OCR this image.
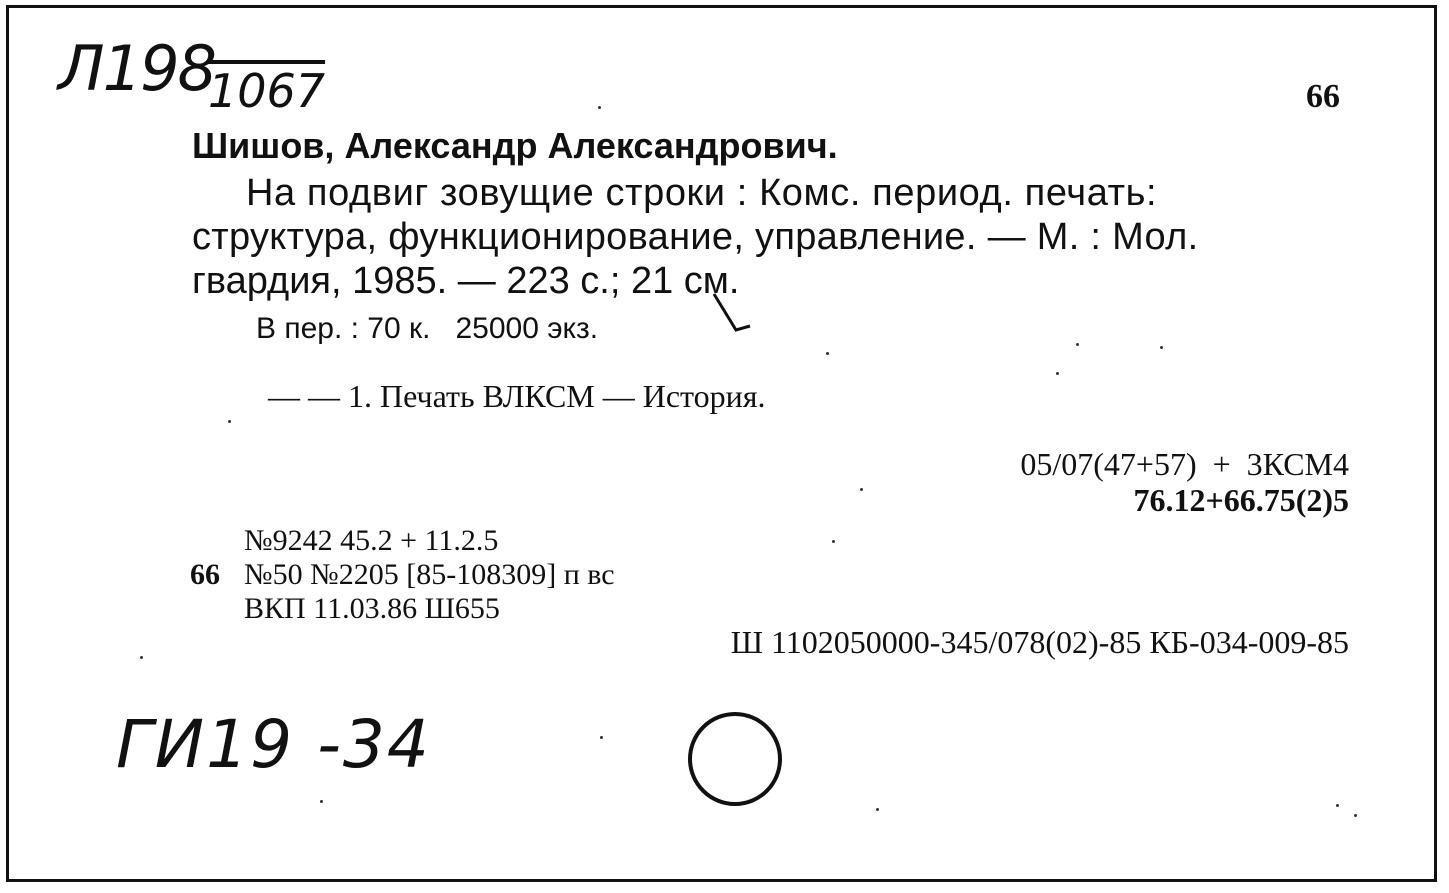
Л198
1067	66
Шишов, Александр Александрович.
На подвиг зовущие строки : Комс. период. печать:
структура, функционирование, управление. — М. : Мол.
гвардия, 1985. — 223 с.; 21 см.
В пер. : 70 к.   25000 экз.
— — 1. Печать ВЛКСМ — История.
05/07(47+57)  +  3КСМ4
76.12+66.75(2)5
№9242 45.2 + 11.2.5
66 №50 №2205 [85-108309] п вс
ВКП 11.03.86 Ш655
Ш 1102050000-345/078(02)-85 КБ-034-009-85
ГИ19 -34
